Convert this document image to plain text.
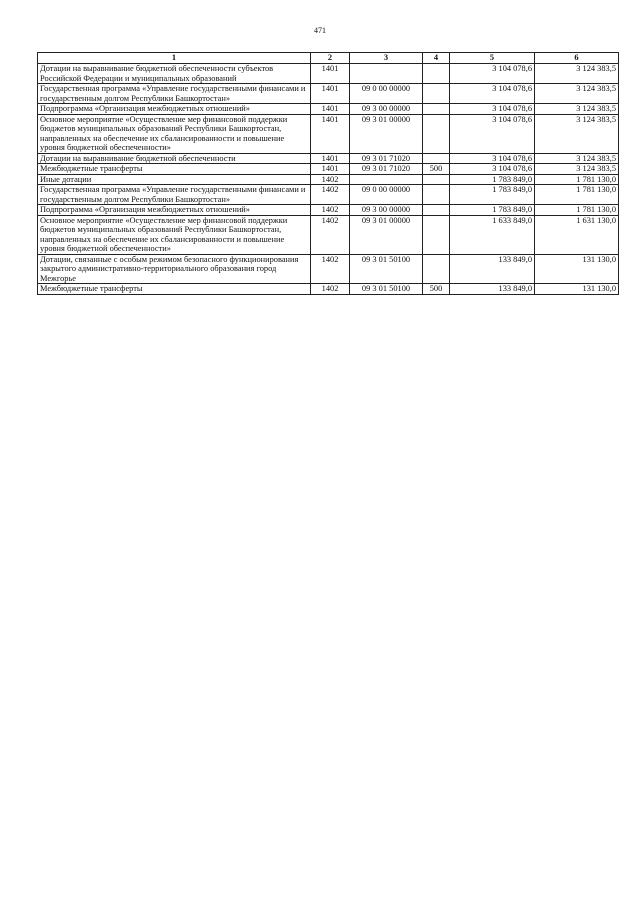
471
1	2	3	4	5	6
Дотации на выравнивание бюджетной обеспеченности субъектов Российской Федерации и муниципальных образований	1401			3 104 078,6	3 124 383,5
Государственная программа «Управление государственными финансами и государственным долгом Республики Башкортостан»	1401	09 0 00 00000		3 104 078,6	3 124 383,5
Подпрограмма «Организация межбюджетных отношений»	1401	09 3 00 00000		3 104 078,6	3 124 383,5
Основное мероприятие «Осуществление мер финансовой поддержки бюджетов муниципальных образований Республики Башкортостан, направленных на обеспечение их сбалансированности и повышение уровня бюджетной обеспеченности»	1401	09 3 01 00000		3 104 078,6	3 124 383,5
Дотации на выравнивание бюджетной обеспеченности	1401	09 3 01 71020		3 104 078,6	3 124 383,5
Межбюджетные трансферты	1401	09 3 01 71020	500	3 104 078,6	3 124 383,5
Иные дотации	1402			1 783 849,0	1 781 130,0
Государственная программа «Управление государственными финансами и государственным долгом Республики Башкортостан»	1402	09 0 00 00000		1 783 849,0	1 781 130,0
Подпрограмма «Организация межбюджетных отношений»	1402	09 3 00 00000		1 783 849,0	1 781 130,0
Основное мероприятие «Осуществление мер финансовой поддержки бюджетов муниципальных образований Республики Башкортостан, направленных на обеспечение их сбалансированности и повышение уровня бюджетной обеспеченности»	1402	09 3 01 00000		1 633 849,0	1 631 130,0
Дотации, связанные с особым режимом безопасного функционирования закрытого административно-территориального образования город Межгорье	1402	09 3 01 50100		133 849,0	131 130,0
Межбюджетные трансферты	1402	09 3 01 50100	500	133 849,0	131 130,0
